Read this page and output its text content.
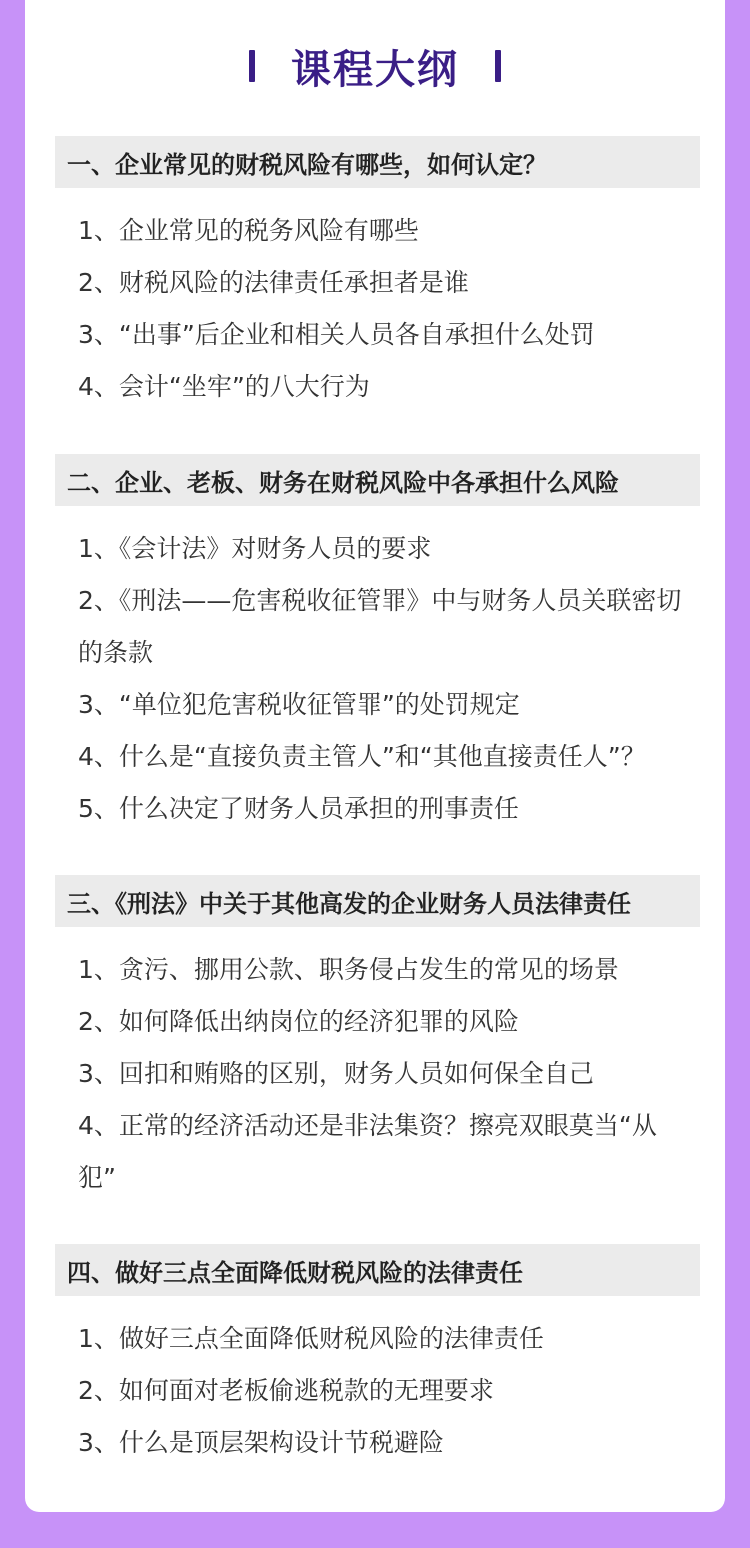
课程大纲
一、企业常见的财税风险有哪些，如何认定？
1、企业常见的税务风险有哪些
2、财税风险的法律责任承担者是谁
3、“出事”后企业和相关人员各自承担什么处罚
4、会计“坐牢”的八大行为
二、企业、老板、财务在财税风险中各承担什么风险
1、《会计法》对财务人员的要求
2、《刑法——危害税收征管罪》中与财务人员关联密切的条款
3、“单位犯危害税收征管罪”的处罚规定
4、什么是“直接负责主管人”和“其他直接责任人”？
5、什么决定了财务人员承担的刑事责任
三、《刑法》中关于其他高发的企业财务人员法律责任
1、贪污、挪用公款、职务侵占发生的常见的场景
2、如何降低出纳岗位的经济犯罪的风险
3、回扣和贿赂的区别，财务人员如何保全自己
4、正常的经济活动还是非法集资？擦亮双眼莫当“从犯”
四、做好三点全面降低财税风险的法律责任
1、做好三点全面降低财税风险的法律责任
2、如何面对老板偷逃税款的无理要求
3、什么是顶层架构设计节税避险
